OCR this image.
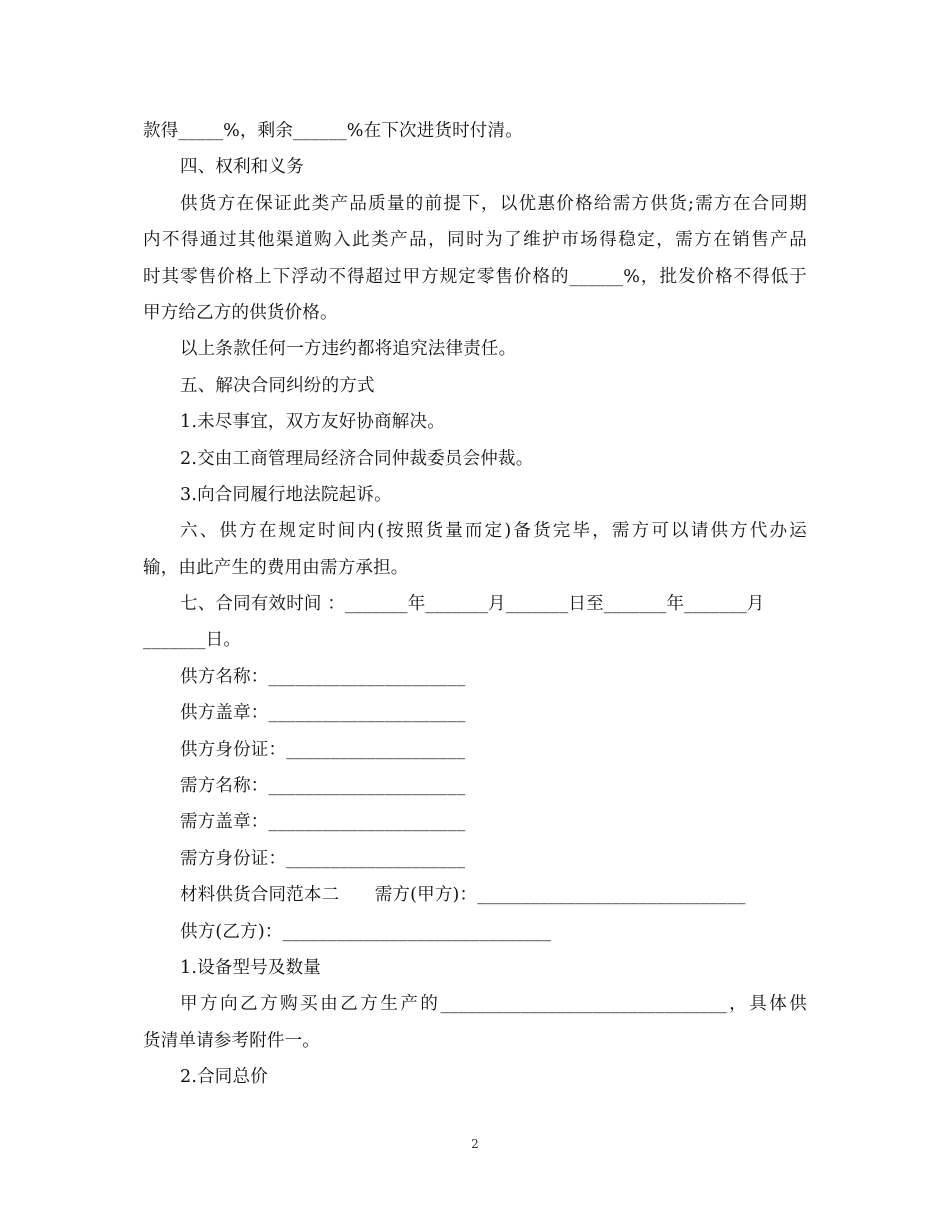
款得_____%，剩余______%在下次进货时付清。
四、权利和义务
供货方在保证此类产品质量的前提下，以优惠价格给需方供货;需方在合同期
内不得通过其他渠道购入此类产品，同时为了维护市场得稳定，需方在销售产品
时其零售价格上下浮动不得超过甲方规定零售价格的______%，批发价格不得低于
甲方给乙方的供货价格。
以上条款任何一方违约都将追究法律责任。
五、解决合同纠纷的方式
1.未尽事宜，双方友好协商解决。
2.交由工商管理局经济合同仲裁委员会仲裁。
3.向合同履行地法院起诉。
六、供方在规定时间内(按照货量而定)备货完毕，需方可以请供方代办运
输，由此产生的费用由需方承担。
七、合同有效时间 ：_______年_______月_______日至_______年_______月
_______日。
供方名称：______________________
供方盖章：______________________
供方身份证：____________________
需方名称：______________________
需方盖章：______________________
需方身份证：____________________
材料供货合同范本二　　需方(甲方)：______________________________
供方(乙方)：______________________________
1.设备型号及数量
甲方向乙方购买由乙方生产的________________________________，具体供
货清单请参考附件一。
2.合同总价
2
